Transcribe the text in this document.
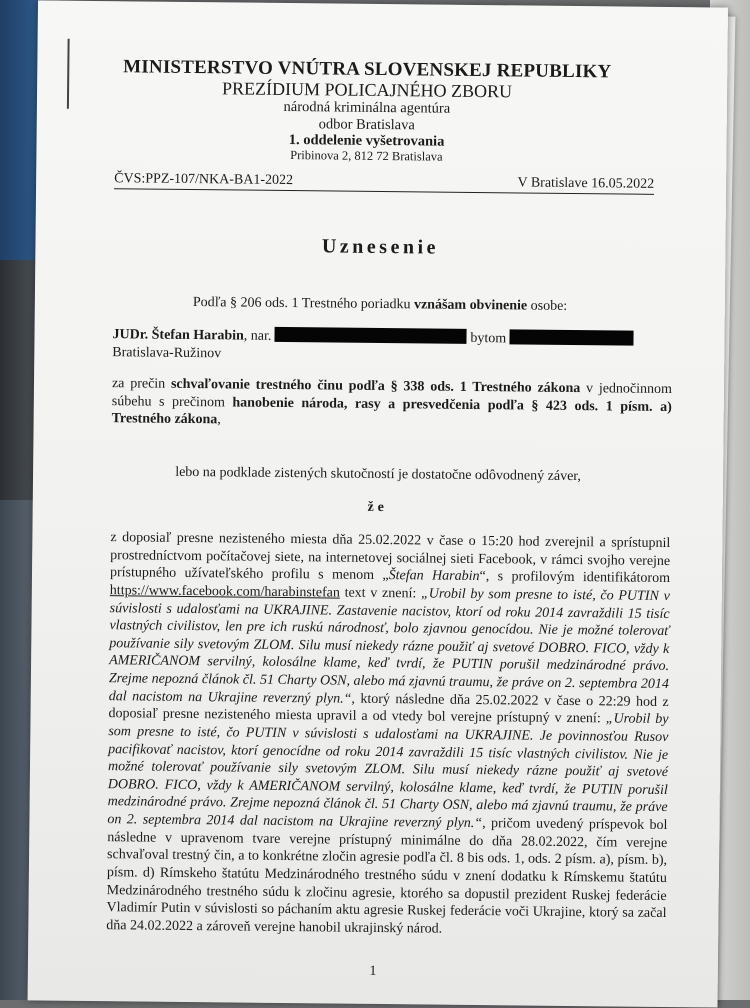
MINISTERSTVO VNÚTRA SLOVENSKEJ REPUBLIKY
PREZÍDIUM POLICAJNÉHO ZBORU
národná kriminálna agentúra
odbor Bratislava
1. oddelenie vyšetrovania
Pribinova 2, 812 72 Bratislava
ČVS:PPZ-107/NKA-BA1-2022	V Bratislave 16.05.2022

Uznesenie
Podľa § 206 ods. 1 Trestného poriadku vznášam obvinenie osobe:
JUDr. Štefan Harabin, nar.	bytom
Bratislava-Ružinov
za prečin schvaľovanie trestného činu podľa § 338 ods. 1 Trestného zákona v jednočinnom súbehu s prečinom hanobenie národa, rasy a presvedčenia podľa § 423 ods. 1 písm. a) Trestného zákona,
lebo na podklade zistených skutočností je dostatočne odôvodnený záver,
že
z doposiaľ presne nezisteného miesta dňa 25.02.2022 v čase o 15:20 hod zverejnil a sprístupnil prostredníctvom počítačovej siete, na internetovej sociálnej sieti Facebook, v rámci svojho verejne prístupného užívateľského profilu s menom „Štefan Harabin“, s profilovým identifikátorom https://www.facebook.com/harabinstefan text v znení: „Urobil by som presne to isté, čo PUTIN v súvislosti s udalosťami na UKRAJINE. Zastavenie nacistov, ktorí od roku 2014 zavraždili 15 tisíc vlastných civilistov, len pre ich ruskú národnosť, bolo zjavnou genocídou. Nie je možné tolerovať používanie sily svetovým ZLOM. Silu musí niekedy rázne použiť aj svetové DOBRO. FICO, vždy k AMERIČANOM servilný, kolosálne klame, keď tvrdí, že PUTIN porušil medzinárodné právo. Zrejme nepozná článok čl. 51 Charty OSN, alebo má zjavnú traumu, že práve on 2. septembra 2014 dal nacistom na Ukrajine reverzný plyn.“, ktorý následne dňa 25.02.2022 v čase o 22:29 hod z doposiaľ presne nezisteného miesta upravil a od vtedy bol verejne prístupný v znení: „Urobil by som presne to isté, čo PUTIN v súvislosti s udalosťami na UKRAJINE. Je povinnosťou Rusov pacifikovať nacistov, ktorí genocídne od roku 2014 zavraždili 15 tisíc vlastných civilistov. Nie je možné tolerovať používanie sily svetovým ZLOM. Silu musí niekedy rázne použiť aj svetové DOBRO. FICO, vždy k AMERIČANOM servilný, kolosálne klame, keď tvrdí, že PUTIN porušil medzinárodné právo. Zrejme nepozná článok čl. 51 Charty OSN, alebo má zjavnú traumu, že práve on 2. septembra 2014 dal nacistom na Ukrajine reverzný plyn.“, pričom uvedený príspevok bol následne v upravenom tvare verejne prístupný minimálne do dňa 28.02.2022, čím verejne schvaľoval trestný čin, a to konkrétne zločin agresie podľa čl. 8 bis ods. 1, ods. 2 písm. a), písm. b), písm. d) Rímskeho štatútu Medzinárodného trestného súdu v znení dodatku k Rímskemu štatútu Medzinárodného trestného súdu k zločinu agresie, ktorého sa dopustil prezident Ruskej federácie Vladimír Putin v súvislosti so páchaním aktu agresie Ruskej federácie voči Ukrajine, ktorý sa začal dňa 24.02.2022 a zároveň verejne hanobil ukrajinský národ.
1
